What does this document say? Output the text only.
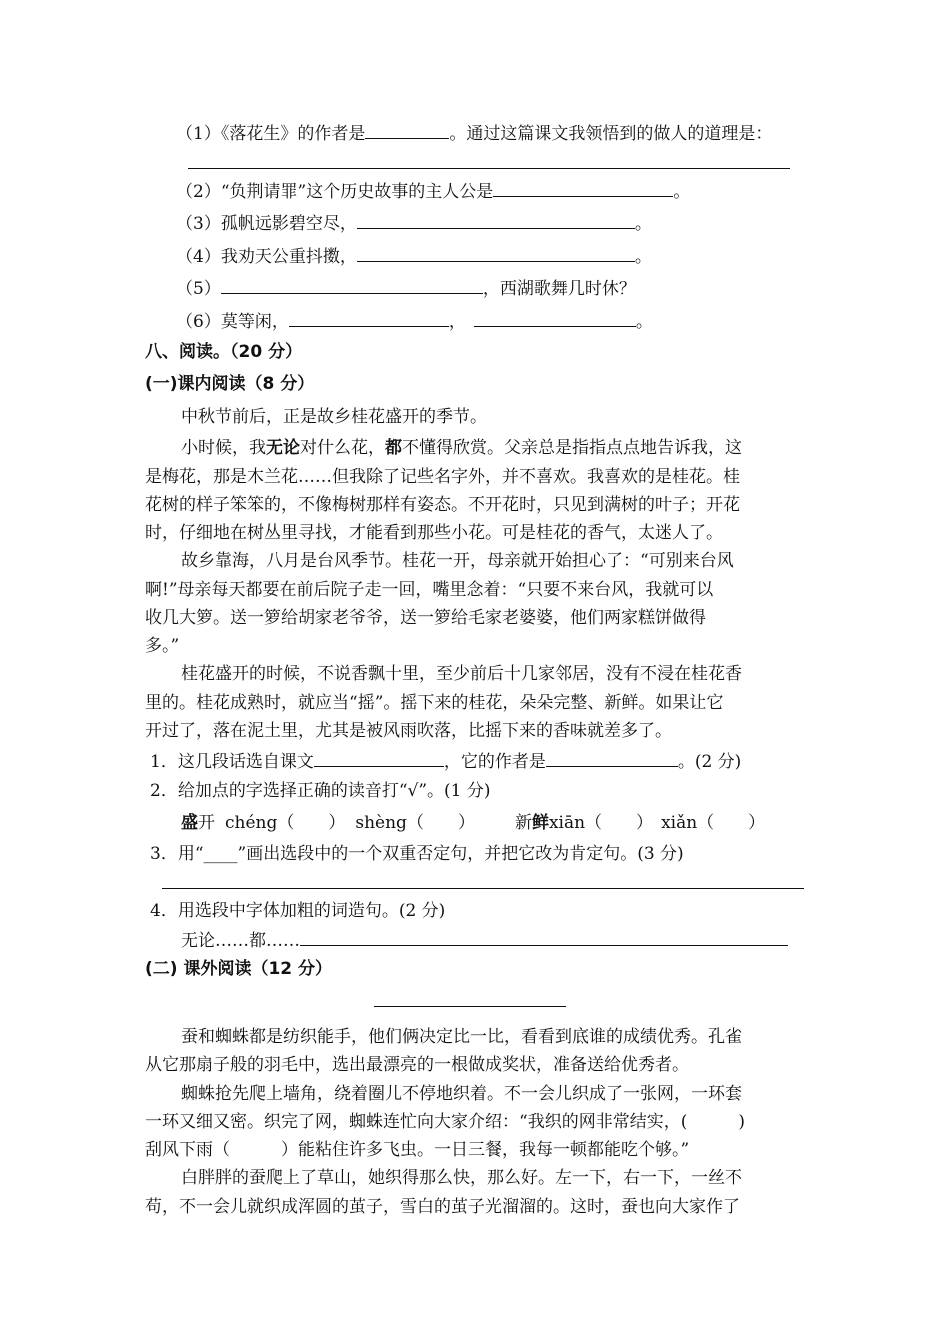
（1）《落花生》的作者是	。通过这篇课文我领悟到的做人的道理是：
（2）“负荆请罪”这个历史故事的主人公是	。
（3）孤帆远影碧空尽，	。
（4）我劝天公重抖擞，	。
（5）	，西湖歌舞几时休？
（6）莫等闲，	，	。
八、阅读。（20 分）
(一)课内阅读（8 分）
中秋节前后，正是故乡桂花盛开的季节。
小时候，我无论对什么花，都不懂得欣赏。父亲总是指指点点地告诉我，这
是梅花，那是木兰花……但我除了记些名字外，并不喜欢。我喜欢的是桂花。桂
花树的样子笨笨的，不像梅树那样有姿态。不开花时，只见到满树的叶子；开花
时，仔细地在树丛里寻找，才能看到那些小花。可是桂花的香气，太迷人了。
故乡靠海，八月是台风季节。桂花一开，母亲就开始担心了：“可别来台风
啊!”母亲每天都要在前后院子走一回，嘴里念着：“只要不来台风，我就可以
收几大箩。送一箩给胡家老爷爷，送一箩给毛家老婆婆，他们两家糕饼做得
多。”
桂花盛开的时候，不说香飘十里，至少前后十几家邻居，没有不浸在桂花香
里的。桂花成熟时，就应当“摇”。摇下来的桂花，朵朵完整、新鲜。如果让它
开过了，落在泥土里，尤其是被风雨吹落，比摇下来的香味就差多了。
1．这几段话选自课文	，它的作者是	。(2 分)
2．给加点的字选择正确的读音打“√”。(1 分)
盛开 chéng（　　） shèng（　　） 新鲜xiān（　　） xiǎn（　　）
3．用“____”画出选段中的一个双重否定句，并把它改为肯定句。(3 分)
4．用选段中字体加粗的词造句。(2 分)
无论……都……
(二) 课外阅读（12 分）
蚕和蜘蛛都是纺织能手，他们俩决定比一比，看看到底谁的成绩优秀。孔雀
从它那扇子般的羽毛中，选出最漂亮的一根做成奖状，准备送给优秀者。
蜘蛛抢先爬上墙角，绕着圈儿不停地织着。不一会儿织成了一张网，一环套
一环又细又密。织完了网，蜘蛛连忙向大家介绍：“我织的网非常结实，(　　　)
刮风下雨（　　　）能粘住许多飞虫。一日三餐，我每一顿都能吃个够。”
白胖胖的蚕爬上了草山，她织得那么快，那么好。左一下，右一下，一丝不
苟，不一会儿就织成浑圆的茧子，雪白的茧子光溜溜的。这时，蚕也向大家作了
